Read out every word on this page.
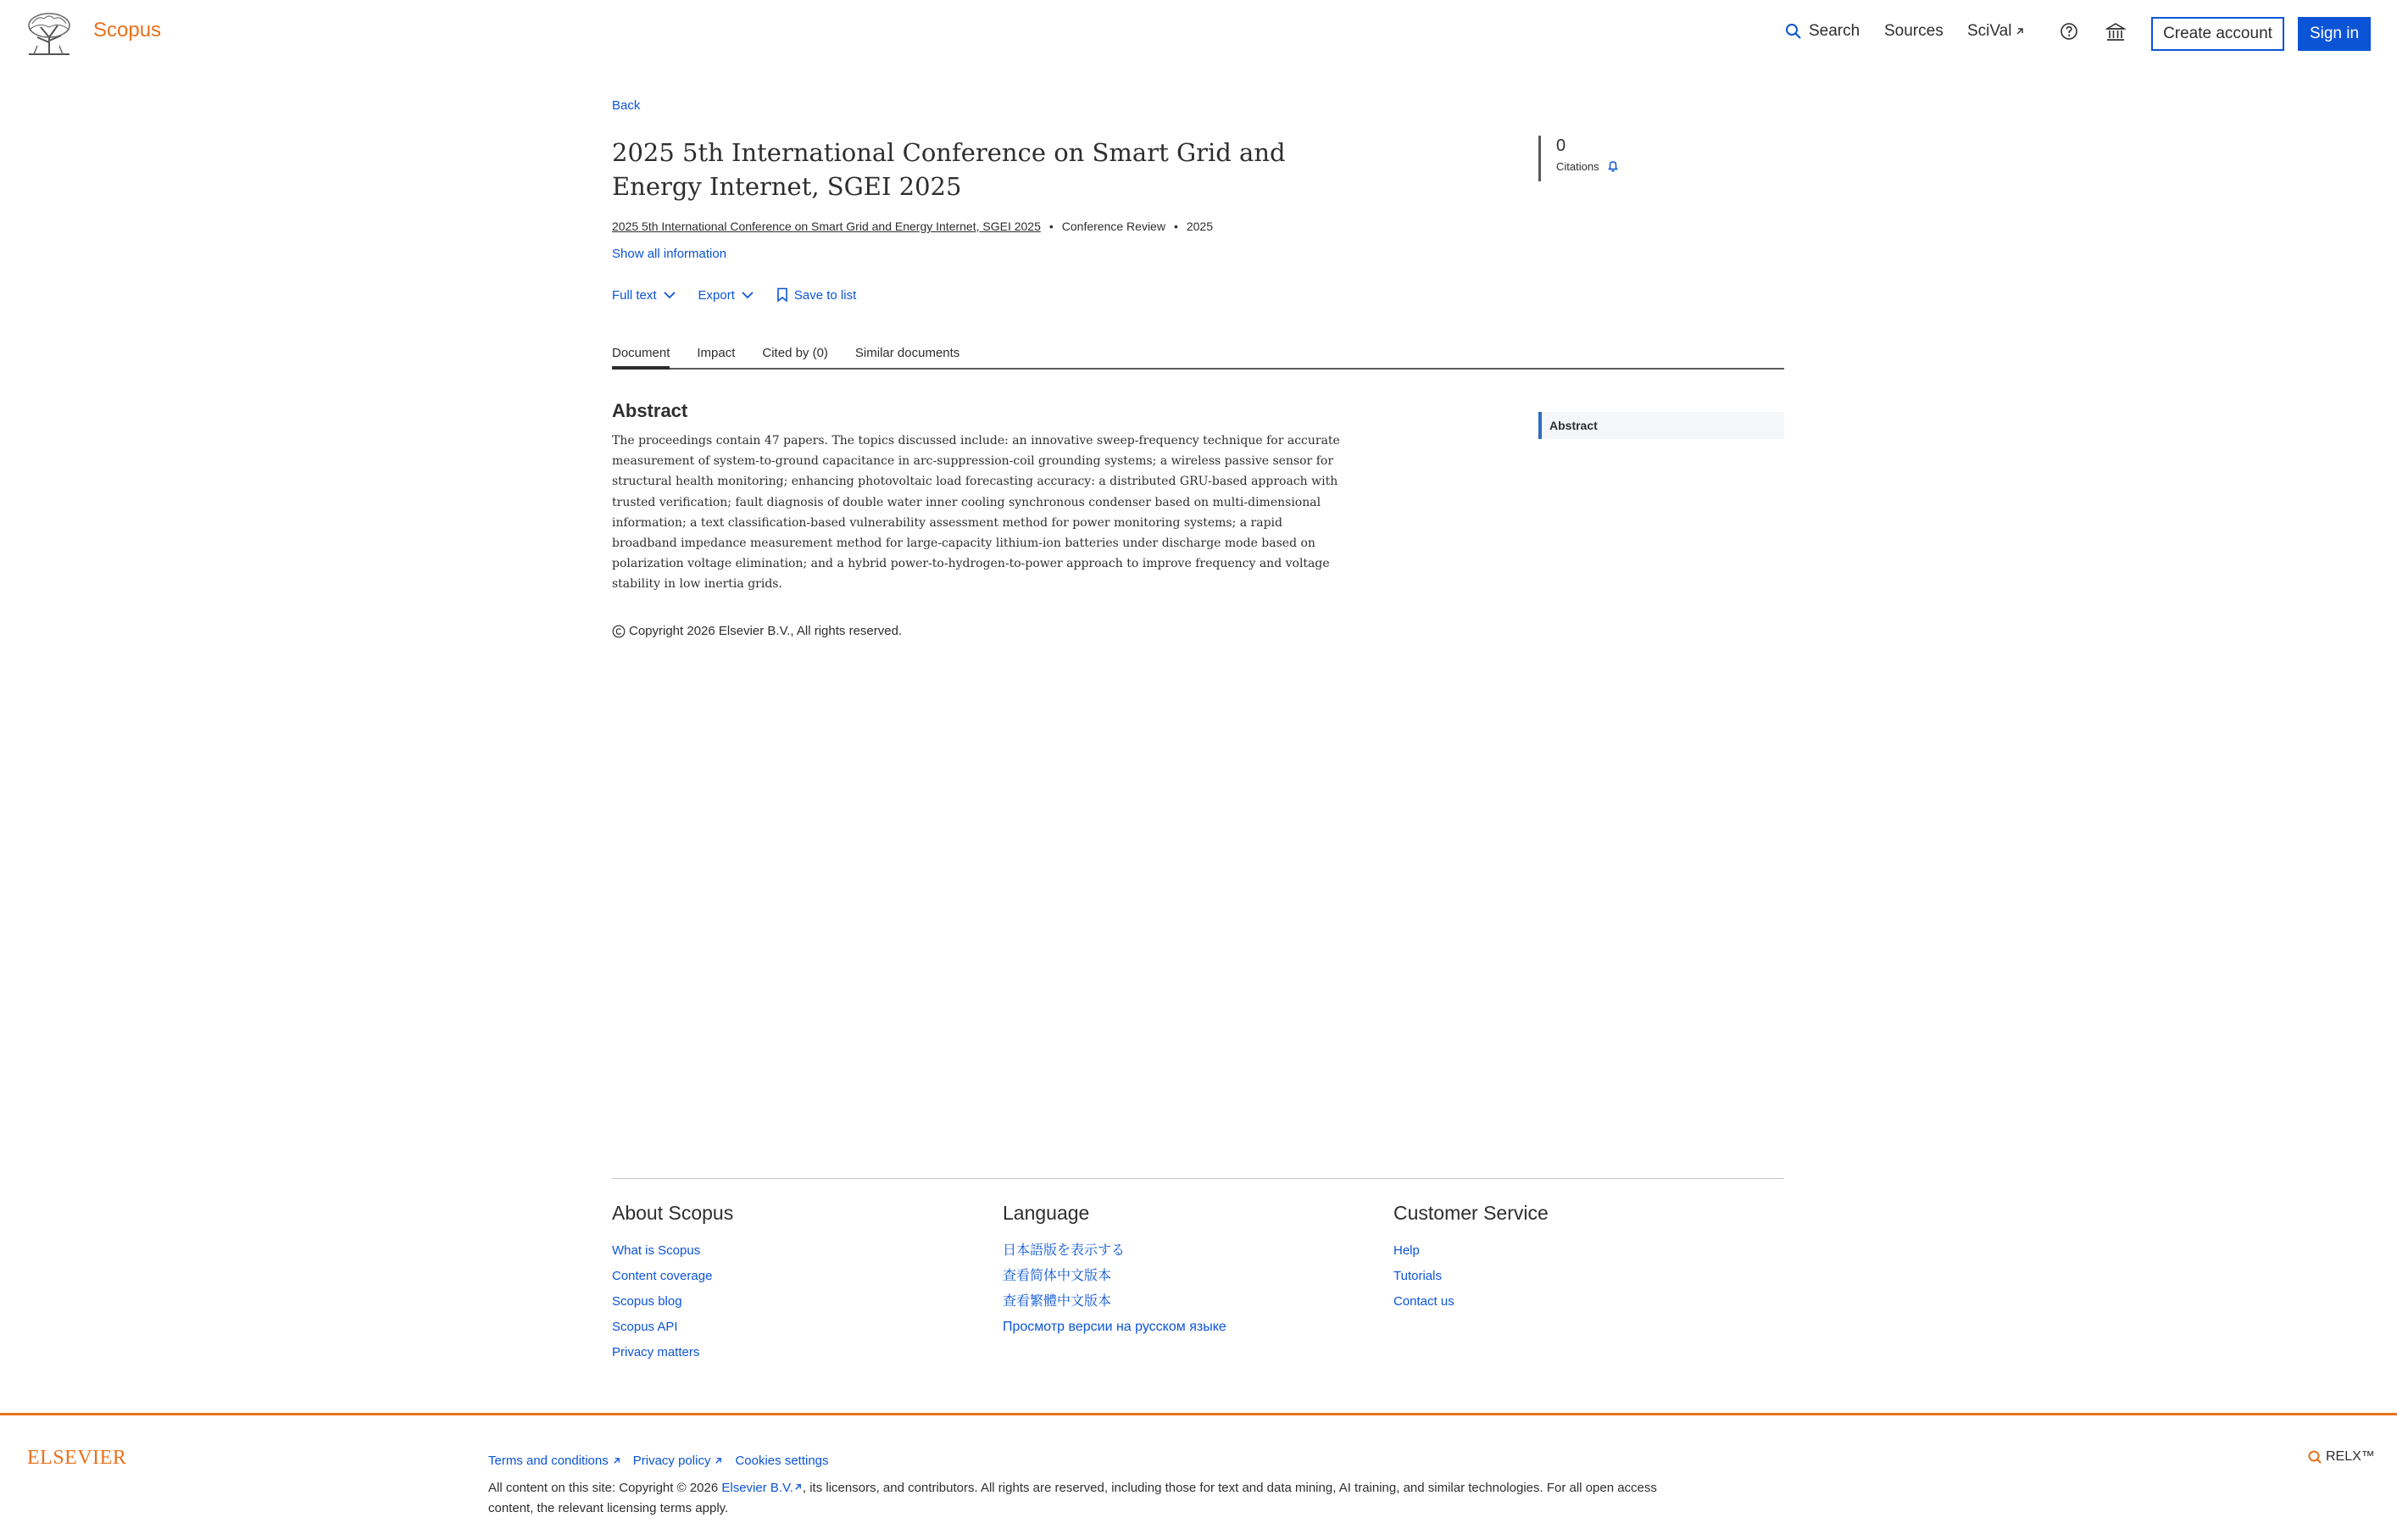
Scopus	Search Sources SciVal	Create account	Sign in
Back
2025 5th International Conference on Smart Grid and Energy Internet, SGEI 2025
2025 5th International Conference on Smart Grid and Energy Internet, SGEI 2025 • Conference Review • 2025
Show all information
Full text	Export	Save to list
0
Citations
Document Impact Cited by (0) Similar documents
Abstract

The proceedings contain 47 papers. The topics discussed include: an innovative sweep-frequency technique for accurate measurement of system-to-ground capacitance in arc-suppression-coil grounding systems; a wireless passive sensor for structural health monitoring; enhancing photovoltaic load forecasting accuracy: a distributed GRU-based approach with trusted verification; fault diagnosis of double water inner cooling synchronous condenser based on multi-dimensional information; a text classification-based vulnerability assessment method for power monitoring systems; a rapid broadband impedance measurement method for large-capacity lithium-ion batteries under discharge mode based on polarization voltage elimination; and a hybrid power-to-hydrogen-to-power approach to improve frequency and voltage stability in low inertia grids.

Copyright 2026 Elsevier B.V., All rights reserved.
Abstract
About Scopus
What is Scopus
Content coverage
Scopus blog
Scopus API
Privacy matters
Language
日本語版を表示する
查看简体中文版本
查看繁體中文版本
Просмотр версии на русском языке
Customer Service
Help
Tutorials
Contact us
ELSEVIER	Terms and conditions Privacy policy Cookies settings

All content on this site: Copyright © 2026 Elsevier B.V. , its licensors, and contributors. All rights are reserved, including those for text and data mining, AI training, and similar technologies. For all open access content, the relevant licensing terms apply.

RELX™
